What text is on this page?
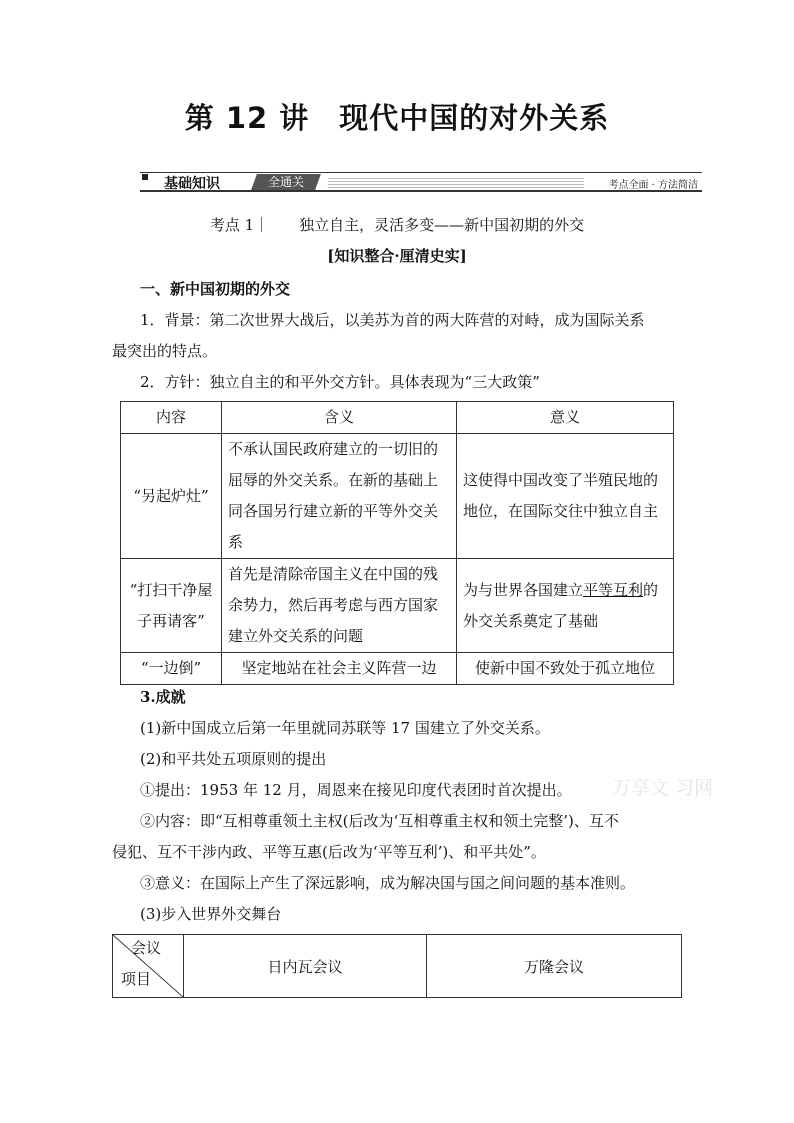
第 12 讲　现代中国的对外关系
基础知识	全通关	考点全面 · 方法简洁
考点 1｜ 独立自主，灵活多变——新中国初期的外交
[知识整合·厘清史实]
一、新中国初期的外交
1．背景：第二次世界大战后，以美苏为首的两大阵营的对峙，成为国际关系
最突出的特点。
2．方针：独立自主的和平外交方针。具体表现为“三大政策”
内容	含义	意义
“另起炉灶”	不承认国民政府建立的一切旧的屈辱的外交关系。在新的基础上同各国另行建立新的平等外交关系	这使得中国改变了半殖民地的地位，在国际交往中独立自主
“打扫干净屋子再请客”	首先是清除帝国主义在中国的残余势力，然后再考虑与西方国家建立外交关系的问题	为与世界各国建立平等互利的外交关系奠定了基础
“一边倒”	坚定地站在社会主义阵营一边	使新中国不致处于孤立地位
3.成就
(1)新中国成立后第一年里就同苏联等 17 国建立了外交关系。
(2)和平共处五项原则的提出
①提出：1953 年 12 月，周恩来在接见印度代表团时首次提出。 万享文 习网
②内容：即“互相尊重领土主权(后改为‘互相尊重主权和领土完整’)、互不
侵犯、互不干涉内政、平等互惠(后改为‘平等互利’)、和平共处”。
③意义：在国际上产生了深远影响，成为解决国与国之间问题的基本准则。
(3)步入世界外交舞台
会议
项目
	日内瓦会议	万隆会议
